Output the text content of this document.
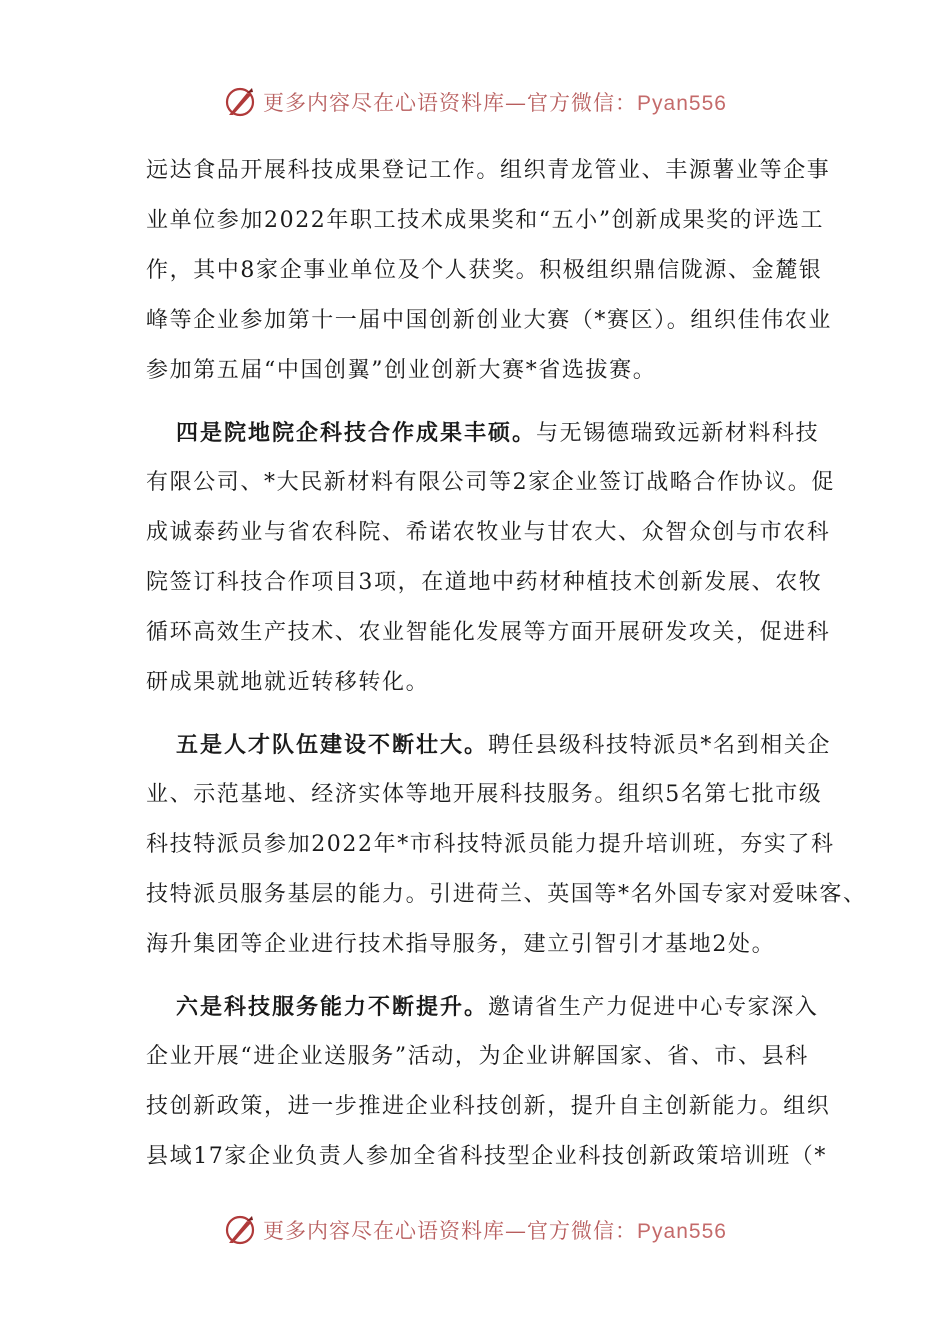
更多内容尽在心语资料库—官方微信：Pyan556
远达食品开展科技成果登记工作。组织青龙管业、丰源薯业等企事
业单位参加2022年职工技术成果奖和“五小”创新成果奖的评选工
作，其中8家企事业单位及个人获奖。积极组织鼎信陇源、金麓银
峰等企业参加第十一届中国创新创业大赛（*赛区）。组织佳伟农业
参加第五届“中国创翼”创业创新大赛*省选拔赛。
四是院地院企科技合作成果丰硕。与无锡德瑞致远新材料科技
有限公司、*大民新材料有限公司等2家企业签订战略合作协议。促
成诚泰药业与省农科院、希诺农牧业与甘农大、众智众创与市农科
院签订科技合作项目3项，在道地中药材种植技术创新发展、农牧
循环高效生产技术、农业智能化发展等方面开展研发攻关，促进科
研成果就地就近转移转化。
五是人才队伍建设不断壮大。聘任县级科技特派员*名到相关企
业、示范基地、经济实体等地开展科技服务。组织5名第七批市级
科技特派员参加2022年*市科技特派员能力提升培训班，夯实了科
技特派员服务基层的能力。引进荷兰、英国等*名外国专家对爱味客、
海升集团等企业进行技术指导服务，建立引智引才基地2处。
六是科技服务能力不断提升。邀请省生产力促进中心专家深入
企业开展“进企业送服务”活动，为企业讲解国家、省、市、县科
技创新政策，进一步推进企业科技创新，提升自主创新能力。组织
县域17家企业负责人参加全省科技型企业科技创新政策培训班（*
更多内容尽在心语资料库—官方微信：Pyan556
